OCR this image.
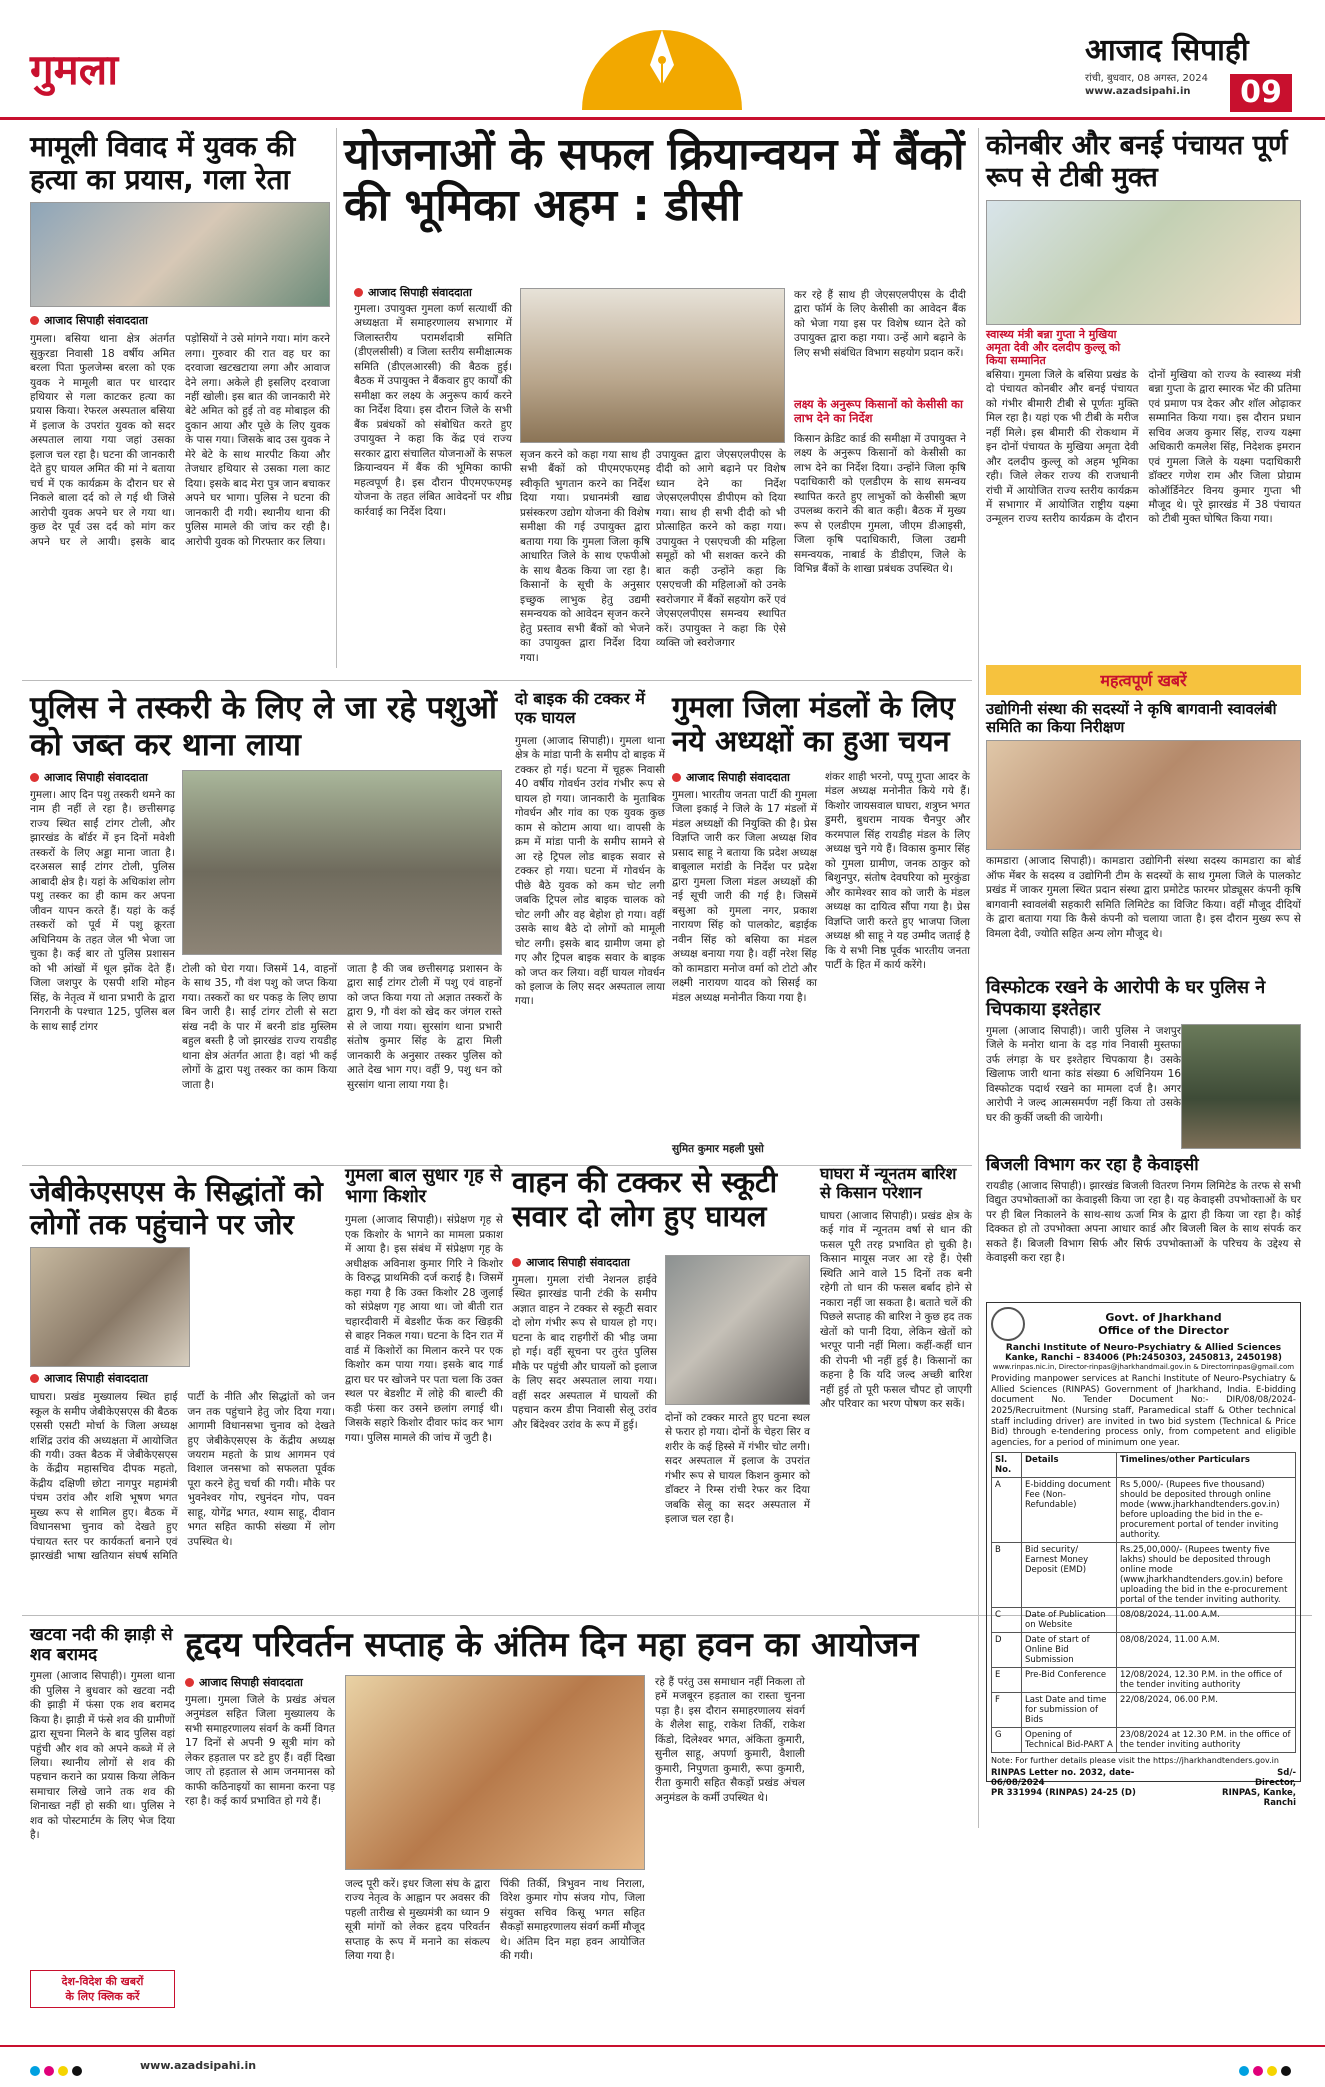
गुमला	आजाद सिपाही
रांची, बुधवार, 08 अगस्त, 2024
www.azadsipahi.in	09
मामूली विवाद में युवक की हत्या का प्रयास, गला रेता
आजाद सिपाही संवाददाता
गुमला। बसिया थाना क्षेत्र अंतर्गत सुकुरडा निवासी 18 वर्षीय अमित बरला पिता फुलजेम्स बरला को एक युवक ने मामूली बात पर धारदार हथियार से गला काटकर हत्या का प्रयास किया। रेफरल अस्पताल बसिया में इलाज के उपरांत युवक को सदर अस्पताल लाया गया जहां उसका इलाज चल रहा है। घटना की जानकारी देते हुए घायल अमित की मां ने बताया चर्च में एक कार्यक्रम के दौरान घर से निकले बाला दर्द को ले गई थी जिसे आरोपी युवक अपने घर ले गया था। कुछ देर पूर्व उस दर्द को मांग कर अपने घर ले आयी। इसके बाद पड़ोसियों ने उसे मांगने गया। मांग करने लगा। गुरुवार की रात वह घर का दरवाजा खटखटाया लगा और आवाज देने लगा। अकेले ही इसलिए दरवाजा नहीं खोली। इस बात की जानकारी मेरे बेटे अमित को हुई तो वह मोबाइल की दुकान आया और पूछे के लिए युवक के पास गया। जिसके बाद उस युवक ने मेरे बेटे के साथ मारपीट किया और तेजधार हथियार से उसका गला काट दिया। इसके बाद मेरा पुत्र जान बचाकर अपने घर भागा। पुलिस ने घटना की जानकारी दी गयी। स्थानीय थाना की पुलिस मामले की जांच कर रही है। आरोपी युवक को गिरफ्तार कर लिया।
योजनाओं के सफल क्रियान्वयन में बैंकों की भूमिका अहम : डीसी
आजाद सिपाही संवाददाता
गुमला। उपायुक्त गुमला कर्ण सत्यार्थी की अध्यक्षता में समाहरणालय सभागार में जिलास्तरीय परामर्शदात्री समिति (डीएलसीसी) व जिला स्तरीय समीक्षात्मक समिति (डीएलआरसी) की बैठक हुई। बैठक में उपायुक्त ने बैंकवार हुए कार्यों की समीक्षा कर लक्ष्य के अनुरूप कार्य करने का निर्देश दिया। इस दौरान जिले के सभी बैंक प्रबंधकों को संबोधित करते हुए उपायुक्त ने कहा कि केंद्र एवं राज्य सरकार द्वारा संचालित योजनाओं के सफल क्रियान्वयन में बैंक की भूमिका काफी महत्वपूर्ण है। इस दौरान पीएमएफएमइ योजना के तहत लंबित आवेदनों पर शीघ्र कार्रवाई का निर्देश दिया।
सृजन करने को कहा गया साथ ही सभी बैंकों को पीएमएफएमइ स्वीकृति भुगतान करने का निर्देश दिया गया। प्रधानमंत्री खाद्य प्रसंस्करण उद्योग योजना की विशेष समीक्षा की गई उपायुक्त द्वारा बताया गया कि गुमला जिला कृषि आधारित जिले के साथ एफपीओ के साथ बैठक किया जा रहा है। किसानों के सूची के अनुसार इच्छुक लाभुक हेतु उद्यमी समन्वयक को आवेदन सृजन करने हेतु प्रस्ताव सभी बैंकों को भेजने का उपायुक्त द्वारा निर्देश दिया गया।
उपायुक्त द्वारा जेएसएलपीएस के दीदी को आगे बढ़ाने पर विशेष ध्यान देने का निर्देश जेएसएलपीएस डीपीएम को दिया गया। साथ ही सभी दीदी को भी प्रोत्साहित करने को कहा गया। उपायुक्त ने एसएचजी की महिला समूहों को भी सशक्त करने की बात कही उन्होंने कहा कि एसएचजी की महिलाओं को उनके स्वरोजगार में बैंकों सहयोग करें एवं जेएसएलपीएस समन्वय स्थापित करें। उपायुक्त ने कहा कि ऐसे व्यक्ति जो स्वरोजगार
कर रहे हैं साथ ही जेएसएलपीएस के दीदी द्वारा फॉर्म के लिए केसीसी का आवेदन बैंक को भेजा गया इस पर विशेष ध्यान देते को उपायुक्त द्वारा कहा गया। उन्हें आगे बढ़ाने के लिए सभी संबंधित विभाग सहयोग प्रदान करें।
लक्ष्य के अनुरूप किसानों को केसीसी का लाभ देने का निर्देश
किसान क्रेडिट कार्ड की समीक्षा में उपायुक्त ने लक्ष्य के अनुरूप किसानों को केसीसी का लाभ देने का निर्देश दिया। उन्होंने जिला कृषि पदाधिकारी को एलडीएम के साथ समन्वय स्थापित करते हुए लाभुकों को केसीसी ऋण उपलब्ध कराने की बात कही। बैठक में मुख्य रूप से एलडीएम गुमला, जीएम डीआइसी, जिला कृषि पदाधिकारी, जिला उद्यमी समन्वयक, नाबार्ड के डीडीएम, जिले के विभिन्न बैंकों के शाखा प्रबंधक उपस्थित थे।
कोनबीर और बनई पंचायत पूर्ण रूप से टीबी मुक्त
स्वास्थ्य मंत्री बन्ना गुप्ता ने मुखिया अमृता देवी और दलदीप कुल्लू को किया सम्मानित
बसिया। गुमला जिले के बसिया प्रखंड के दो पंचायत कोनबीर और बनई पंचायत को गंभीर बीमारी टीबी से पूर्णतः मुक्ति मिल रहा है। यहां एक भी टीबी के मरीज नहीं मिले। इस बीमारी की रोकथाम में इन दोनों पंचायत के मुखिया अमृता देवी और दलदीप कुल्लू को अहम भूमिका रही। जिले लेकर राज्य की राजधानी रांची में आयोजित राज्य स्तरीय कार्यक्रम में सभागार में आयोजित राष्ट्रीय यक्ष्मा उन्मूलन राज्य स्तरीय कार्यक्रम के दौरान दोनों मुखिया को राज्य के स्वास्थ्य मंत्री बन्ना गुप्ता के द्वारा स्मारक भेंट की प्रतिमा एवं प्रमाण पत्र देकर और शॉल ओढ़ाकर सम्मानित किया गया। इस दौरान प्रधान सचिव अजय कुमार सिंह, राज्य यक्ष्मा अधिकारी कमलेश सिंह, निदेशक इमरान एवं गुमला जिले के यक्ष्मा पदाधिकारी डॉक्टर गणेश राम और जिला प्रोग्राम कोऑर्डिनेटर विनय कुमार गुप्ता भी मौजूद थे। पूरे झारखंड में 38 पंचायत को टीबी मुक्त घोषित किया गया।
पुलिस ने तस्करी के लिए ले जा रहे पशुओं को जब्त कर थाना लाया
आजाद सिपाही संवाददाता
गुमला। आए दिन पशु तस्करी थमने का नाम ही नहीं ले रहा है। छत्तीसगढ़ राज्य स्थित साईं टांगर टोली, और झारखंड के बॉर्डर में इन दिनों मवेशी तस्करों के लिए अड्डा माना जाता है। दरअसल साईं टांगर टोली, पुलिस आबादी क्षेत्र है। यहां के अधिकांश लोग पशु तस्कर का ही काम कर अपना जीवन यापन करते हैं। यहां के कई तस्करों को पूर्व में पशु क्रूरता अधिनियम के तहत जेल भी भेजा जा चुका है। कई बार तो पुलिस प्रशासन को भी आंखों में धूल झोंक देते हैं। जिला जशपुर के एसपी शशि मोहन सिंह, के नेतृत्व में थाना प्रभारी के द्वारा निगरानी के पश्चात 125, पुलिस बल के साथ साईं टांगर
टोली को घेरा गया। जिसमें 14, वाहनों के साथ 35, गौ वंश पशु को जप्त किया गया। तस्करों का धर पकड़ के लिए छापा बिन जारी है। साईं टांगर टोली से सटा संख नदी के पार में बरनी डांड मुस्लिम बहुल बस्ती है जो झारखंड राज्य रायडीह थाना क्षेत्र अंतर्गत आता है। वहां भी कई लोगों के द्वारा पशु तस्कर का काम किया जाता है।
जाता है की जब छत्तीसगढ़ प्रशासन के द्वारा साईं टांगर टोली में पशु एवं वाहनों को जप्त किया गया तो अज्ञात तस्करों के द्वारा 9, गौ वंश को खेद कर जंगल रास्ते से ले जाया गया। सुरसांग थाना प्रभारी संतोष कुमार सिंह के द्वारा मिली जानकारी के अनुसार तस्कर पुलिस को आते देख भाग गए। वहीं 9, पशु धन को सुरसांग थाना लाया गया है।
दो बाइक की टक्कर में एक घायल
गुमला (आजाद सिपाही)। गुमला थाना क्षेत्र के मांडा पानी के समीप दो बाइक में टक्कर हो गई। घटना में चूहरू निवासी 40 वर्षीय गोवर्धन उरांव गंभीर रूप से घायल हो गया। जानकारी के मुताबिक गोवर्धन और गांव का एक युवक कुछ काम से कोटाम आया था। वापसी के क्रम में मांडा पानी के समीप सामने से आ रहे ट्रिपल लोड बाइक सवार से टक्कर हो गया। घटना में गोवर्धन के पीछे बैठे युवक को कम चोट लगी जबकि ट्रिपल लोड बाइक चालक को चोट लगी और वह बेहोश हो गया। वहीं उसके साथ बैठे दो लोगों को मामूली चोट लगी। इसके बाद ग्रामीण जमा हो गए और ट्रिपल बाइक सवार के बाइक को जप्त कर लिया। वहीं घायल गोवर्धन को इलाज के लिए सदर अस्पताल लाया गया।
गुमला जिला मंडलों के लिए नये अध्यक्षों का हुआ चयन
आजाद सिपाही संवाददाता
गुमला। भारतीय जनता पार्टी की गुमला जिला इकाई ने जिले के 17 मंडलों में मंडल अध्यक्षों की नियुक्ति की है। प्रेस विज्ञप्ति जारी कर जिला अध्यक्ष शिव प्रसाद साहू ने बताया कि प्रदेश अध्यक्ष बाबूलाल मरांडी के निर्देश पर प्रदेश द्वारा गुमला जिला मंडल अध्यक्षों की नई सूची जारी की गई है। जिसमें बसुआ को गुमला नगर, प्रकाश नारायण सिंह को पालकोट, बड़ाईक नवीन सिंह को बसिया का मंडल अध्यक्ष बनाया गया है। वहीं नरेश सिंह को कामडारा मनोज वर्मा को टोटो और लक्ष्मी नारायण यादव को सिसई का मंडल अध्यक्ष मनोनीत किया गया है।
शंकर शाही भरनो, पप्पू गुप्ता आदर के मंडल अध्यक्ष मनोनीत किये गये हैं। किशोर जायसवाल घाघरा, शत्रुघ्न भगत डुमरी, बुधराम नायक चैनपुर और करमपाल सिंह रायडीह मंडल के लिए अध्यक्ष चुने गये हैं। विकास कुमार सिंह को गुमला ग्रामीण, जनक ठाकुर को बिशुनपुर, संतोष देवघरिया को मुरकुंडा और कामेश्वर साव को जारी के मंडल अध्यक्ष का दायित्व सौंपा गया है। प्रेस विज्ञप्ति जारी करते हुए भाजपा जिला अध्यक्ष श्री साहू ने यह उम्मीद जताई है कि ये सभी निष्ठ पूर्वक भारतीय जनता पार्टी के हित में कार्य करेंगे।
सुमित कुमार महली पुसो
जेबीकेएसएस के सिद्धांतों को लोगों तक पहुंचाने पर जोर
आजाद सिपाही संवाददाता
घाघरा। प्रखंड मुख्यालय स्थित हाई स्कूल के समीप जेबीकेएसएस की बैठक एससी एसटी मोर्चा के जिला अध्यक्ष शशिंद्र उरांव की अध्यक्षता में आयोजित की गयी। उक्त बैठक में जेबीकेएसएस के केंद्रीय महासचिव दीपक महतो, केंद्रीय दक्षिणी छोटा नागपुर महामंत्री पंचम उरांव और शशि भूषण भगत मुख्य रूप से शामिल हुए। बैठक में विधानसभा चुनाव को देखते हुए पंचायत स्तर पर कार्यकर्ता बनाने एवं झारखंडी भाषा खतियान संघर्ष समिति पार्टी के नीति और सिद्धांतों को जन जन तक पहुंचाने हेतु जोर दिया गया। आगामी विधानसभा चुनाव को देखते हुए जेबीकेएसएस के केंद्रीय अध्यक्ष जयराम महतो के प्राथ आगमन एवं विशाल जनसभा को सफलता पूर्वक पूरा करने हेतु चर्चा की गयी। मौके पर भुवनेश्वर गोप, रघुनंदन गोप, पवन साहू, योगेंद्र भगत, श्याम साहू, दीवान भगत सहित काफी संख्या में लोग उपस्थित थे।
गुमला बाल सुधार गृह से भागा किशोर
गुमला (आजाद सिपाही)। संप्रेक्षण गृह से एक किशोर के भागने का मामला प्रकाश में आया है। इस संबंध में संप्रेक्षण गृह के अधीक्षक अविनाश कुमार गिरि ने किशोर के विरुद्ध प्राथमिकी दर्ज कराई है। जिसमें कहा गया है कि उक्त किशोर 28 जुलाई को संप्रेक्षण गृह आया था। जो बीती रात चहारदीवारी में बेडशीट फेंक कर खिड़की से बाहर निकल गया। घटना के दिन रात में वार्ड में किशोरों का मिलान करने पर एक किशोर कम पाया गया। इसके बाद गार्ड द्वारा घर पर खोजने पर पता चला कि उक्त स्थल पर बेडशीट में लोहे की बाल्टी की कड़ी फंसा कर उसने छलांग लगाई थी। जिसके सहारे किशोर दीवार फांद कर भाग गया। पुलिस मामले की जांच में जुटी है।
वाहन की टक्कर से स्कूटी सवार दो लोग हुए घायल
आजाद सिपाही संवाददाता
गुमला। गुमला रांची नेशनल हाईवे स्थित झारखंड पानी टंकी के समीप अज्ञात वाहन ने टक्कर से स्कूटी सवार दो लोग गंभीर रूप से घायल हो गए। घटना के बाद राहगीरों की भीड़ जमा हो गई। वहीं सूचना पर तुरंत पुलिस मौके पर पहुंची और घायलों को इलाज के लिए सदर अस्पताल लाया गया। वहीं सदर अस्पताल में घायलों की पहचान करम डीपा निवासी सेलू उरांव और बिंदेश्वर उरांव के रूप में हुई।
दोनों को टक्कर मारते हुए घटना स्थल से फरार हो गया। दोनों के चेहरा सिर व शरीर के कई हिस्से में गंभीर चोट लगी। सदर अस्पताल में इलाज के उपरांत गंभीर रूप से घायल किशन कुमार को डॉक्टर ने रिम्स रांची रेफर कर दिया जबकि सेलू का सदर अस्पताल में इलाज चल रहा है।
घाघरा में न्यूनतम बारिश से किसान परेशान
घाघरा (आजाद सिपाही)। प्रखंड क्षेत्र के कई गांव में न्यूनतम वर्षा से धान की फसल पूरी तरह प्रभावित हो चुकी है। किसान मायूस नजर आ रहे हैं। ऐसी स्थिति आने वाले 15 दिनों तक बनी रहेगी तो धान की फसल बर्बाद होने से नकारा नहीं जा सकता है। बताते चलें की पिछले सप्ताह की बारिश ने कुछ हद तक खेतों को पानी दिया, लेकिन खेतों को भरपूर पानी नहीं मिला। कहीं-कहीं धान की रोपनी भी नहीं हुई है। किसानों का कहना है कि यदि जल्द अच्छी बारिश नहीं हुई तो पूरी फसल चौपट हो जाएगी और परिवार का भरण पोषण कर सकें।
महत्वपूर्ण खबरें
उद्योगिनी संस्था की सदस्यों ने कृषि बागवानी स्वावलंबी समिति का किया निरीक्षण
कामडारा (आजाद सिपाही)। कामडारा उद्योगिनी संस्था सदस्य कामडारा का बोर्ड ऑफ मेंबर के सदस्य व उद्योगिनी टीम के सदस्यों के साथ गुमला जिले के पालकोट प्रखंड में जाकर गुमला स्थित प्रदान संस्था द्वारा प्रमोटेड फारमर प्रोड्यूसर कंपनी कृषि बागवानी स्वावलंबी सहकारी समिति लिमिटेड का विजिट किया। वहीं मौजूद दीदियों के द्वारा बताया गया कि कैसे कंपनी को चलाया जाता है। इस दौरान मुख्य रूप से विमला देवी, ज्योति सहित अन्य लोग मौजूद थे।
विस्फोटक रखने के आरोपी के घर पुलिस ने चिपकाया इश्तेहार
गुमला (आजाद सिपाही)। जारी पुलिस ने जशपुर जिले के मनोरा थाना के दड़ गांव निवासी मुस्तफा उर्फ लंगड़ा के घर इश्तेहार चिपकाया है। उसके खिलाफ जारी थाना कांड संख्या 6 अधिनियम 16 विस्फोटक पदार्थ रखने का मामला दर्ज है। अगर आरोपी ने जल्द आत्मसमर्पण नहीं किया तो उसके घर की कुर्की जब्ती की जायेगी।
बिजली विभाग कर रहा है केवाइसी
रायडीह (आजाद सिपाही)। झारखंड बिजली वितरण निगम लिमिटेड के तरफ से सभी विद्युत उपभोक्ताओं का केवाइसी किया जा रहा है। यह केवाइसी उपभोक्ताओं के घर पर ही बिल निकालने के साथ-साथ ऊर्जा मित्र के द्वारा ही किया जा रहा है। कोई दिक्कत हो तो उपभोक्ता अपना आधार कार्ड और बिजली बिल के साथ संपर्क कर सकते हैं। बिजली विभाग सिर्फ और सिर्फ उपभोक्ताओं के परिचय के उद्देश्य से केवाइसी करा रहा है।
Govt. of Jharkhand
Office of the Director
Ranchi Institute of Neuro-Psychiatry & Allied Sciences
Kanke, Ranchi – 834006 (Ph:2450303, 2450813, 2450198)
www.rinpas.nic.in, Director-rinpas@jharkhandmail.gov.in & Directorrinpas@gmail.com
Providing manpower services at Ranchi Institute of Neuro-Psychiatry & Allied Sciences (RINPAS) Government of Jharkhand, India. E-bidding document No. Tender Document No:- DIR/08/08/2024-2025/Recruitment (Nursing staff, Paramedical staff & Other technical staff including driver) are invited in two bid system (Technical & Price Bid) through e-tendering process only, from competent and eligible agencies, for a period of minimum one year.
Sl. No.	Details	Timelines/other Particulars
A	E-bidding document Fee (Non-Refundable)	Rs 5,000/- (Rupees five thousand) should be deposited through online mode (www.jharkhandtenders.gov.in) before uploading the bid in the e-procurement portal of tender inviting authority.
B	Bid security/ Earnest Money Deposit (EMD)	Rs.25,00,000/- (Rupees twenty five lakhs) should be deposited through online mode (www.jharkhandtenders.gov.in) before uploading the bid in the e-procurement portal of the tender inviting authority.
C	Date of Publication on Website	08/08/2024, 11.00 A.M.
D	Date of start of Online Bid Submission	08/08/2024, 11.00 A.M.
E	Pre-Bid Conference	12/08/2024, 12.30 P.M. in the office of the tender inviting authority
F	Last Date and time for submission of Bids	22/08/2024, 06.00 P.M.
G	Opening of Technical Bid-PART A	23/08/2024 at 12.30 P.M. in the office of the tender inviting authority
Note: For further details please visit the https://jharkhandtenders.gov.in
RINPAS Letter no. 2032, date-06/08/2024
PR 331994 (RINPAS) 24-25 (D)
Sd/-
Director,
RINPAS, Kanke, Ranchi
खटवा नदी की झाड़ी से शव बरामद
गुमला (आजाद सिपाही)। गुमला थाना की पुलिस ने बुधवार को खटवा नदी की झाड़ी में फंसा एक शव बरामद किया है। झाड़ी में फंसे शव की ग्रामीणों द्वारा सूचना मिलने के बाद पुलिस वहां पहुंची और शव को अपने कब्जे में ले लिया। स्थानीय लोगों से शव की पहचान कराने का प्रयास किया लेकिन समाचार लिखे जाने तक शव की शिनाख्त नहीं हो सकी था। पुलिस ने शव को पोस्टमार्टम के लिए भेज दिया है।
देश-विदेश की खबरों
के लिए क्लिक करें
हृदय परिवर्तन सप्ताह के अंतिम दिन महा हवन का आयोजन
आजाद सिपाही संवाददाता
गुमला। गुमला जिले के प्रखंड अंचल अनुमंडल सहित जिला मुख्यालय के सभी समाहरणालय संवर्ग के कर्मी विगत 17 दिनों से अपनी 9 सूत्री मांग को लेकर हड़ताल पर डटे हुए हैं। वहीं दिखा जाए तो हड़ताल से आम जनमानस को काफी कठिनाइयों का सामना करना पड़ रहा है। कई कार्य प्रभावित हो गये हैं।
जल्द पूरी करें। इधर जिला संघ के द्वारा राज्य नेतृत्व के आह्वान पर अवसर की पहली तारीख से मुख्यमंत्री का ध्यान 9 सूत्री मांगों को लेकर हृदय परिवर्तन सप्ताह के रूप में मनाने का संकल्प लिया गया है।
पिंकी तिर्की, त्रिभुवन नाथ निराला, विरेश कुमार गोप संजय गोप, जिला संयुक्त सचिव किसू भगत सहित सैकड़ों समाहरणालय संवर्ग कर्मी मौजूद थे। अंतिम दिन महा हवन आयोजित की गयी।
रहे हैं परंतु उस समाधान नहीं निकला तो हमें मजबूरन हड़ताल का रास्ता चुनना पड़ा है। इस दौरान समाहरणालय संवर्ग के शैलेश साहू, राकेश तिर्की, राकेश किंडो, दिलेश्वर भगत, अंकिता कुमारी, सुनील साहू, अपर्णा कुमारी, वैशाली कुमारी, निपुणता कुमारी, रूपा कुमारी, रीता कुमारी सहित सैकड़ों प्रखंड अंचल अनुमंडल के कर्मी उपस्थित थे।
www.azadsipahi.in
